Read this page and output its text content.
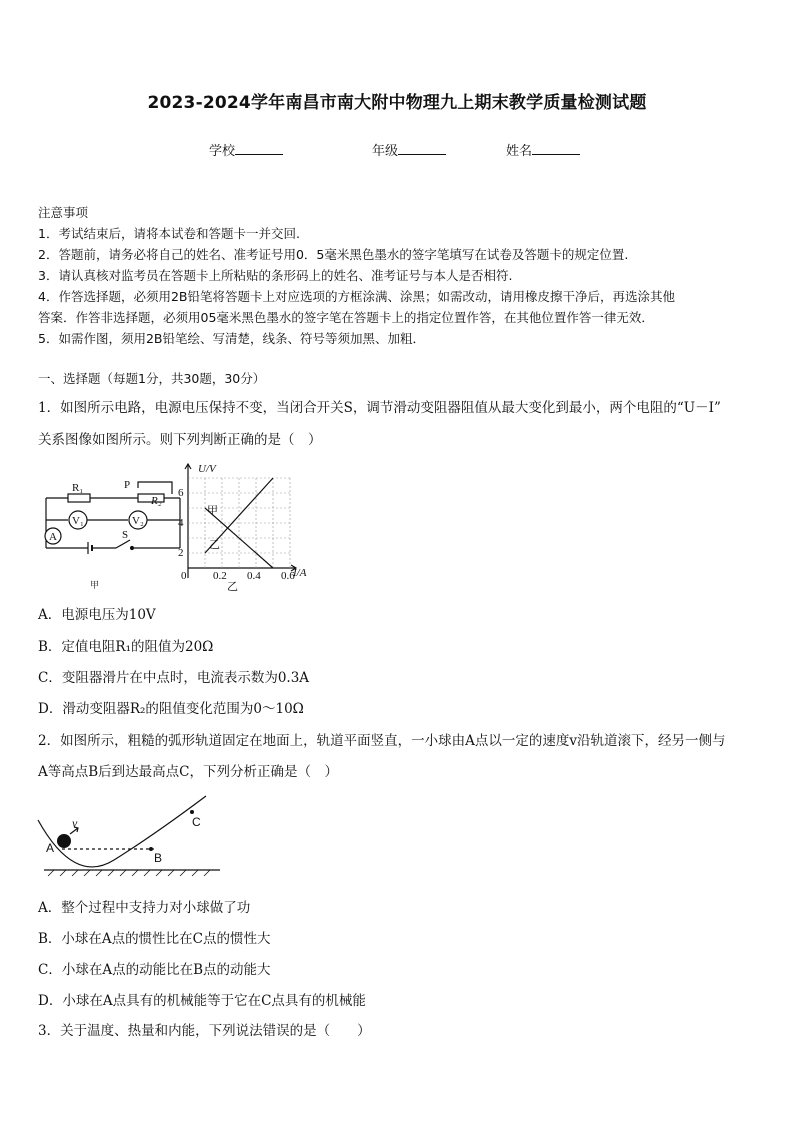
2023-2024学年南昌市南大附中物理九上期末教学质量检测试题
学校	年级	姓名
注意事项
1．考试结束后，请将本试卷和答题卡一并交回.
2．答题前，请务必将自己的姓名、准考证号用0．5毫米黑色墨水的签字笔填写在试卷及答题卡的规定位置.
3．请认真核对监考员在答题卡上所粘贴的条形码上的姓名、准考证号与本人是否相符.
4．作答选择题，必须用2B铅笔将答题卡上对应选项的方框涂满、涂黑；如需改动，请用橡皮擦干净后，再选涂其他
答案．作答非选择题，必须用05毫米黑色墨水的签字笔在答题卡上的指定位置作答，在其他位置作答一律无效．
5．如需作图，须用2B铅笔绘、写清楚，线条、符号等须加黑、加粗．
一、选择题（每题1分，共30题，30分）
1．如图所示电路，电源电压保持不变，当闭合开关S，调节滑动变阻器阻值从最大变化到最小，两个电阻的“U－I”
关系图像如图所示。则下列判断正确的是（　）
R₁	P
R₂
V₁	V₂
A	S
甲
U/V
I/A
2
4
6
0 0.2 0.4 0.6
甲
乙
乙
A．电源电压为10V
B．定值电阻R₁的阻值为20Ω
C．变阻器滑片在中点时，电流表示数为0.3A
D．滑动变阻器R₂的阻值变化范围为0～10Ω
2．如图所示，粗糙的弧形轨道固定在地面上，轨道平面竖直，一小球由A点以一定的速度v沿轨道滚下，经另一侧与
A等高点B后到达最高点C，下列分析正确是（　）
A
B
C
v
A．整个过程中支持力对小球做了功
B．小球在A点的惯性比在C点的惯性大
C．小球在A点的动能比在B点的动能大
D．小球在A点具有的机械能等于它在C点具有的机械能
3．关于温度、热量和内能，下列说法错误的是（　　）
